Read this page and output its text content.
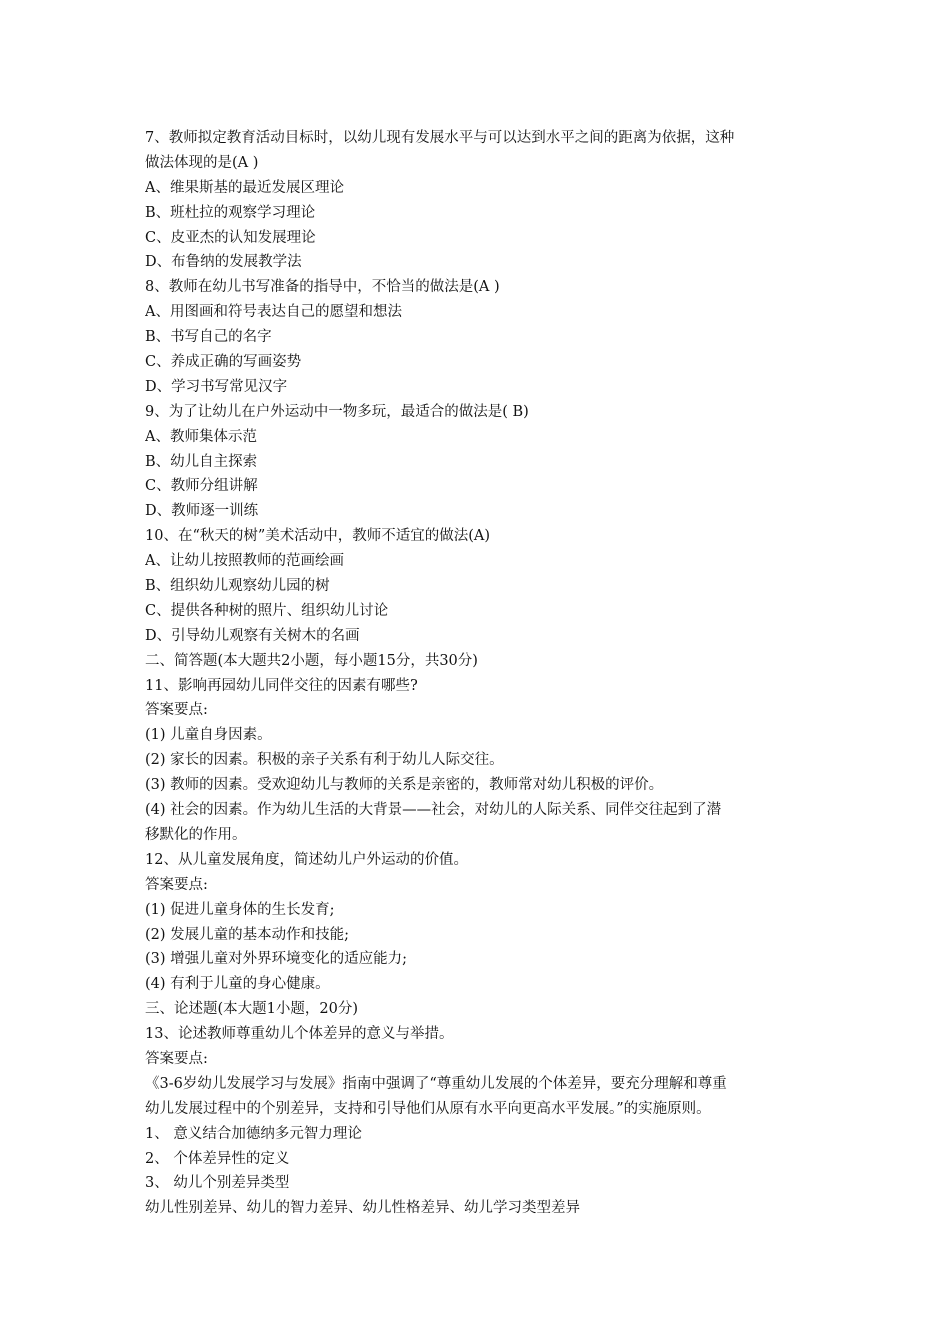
7、教师拟定教育活动目标时，以幼儿现有发展水平与可以达到水平之间的距离为依据，这种
做法体现的是(A )
A、维果斯基的最近发展区理论
B、班杜拉的观察学习理论
C、皮亚杰的认知发展理论
D、布鲁纳的发展教学法
8、教师在幼儿书写准备的指导中，不恰当的做法是(A )
A、用图画和符号表达自己的愿望和想法
B、书写自己的名字
C、养成正确的写画姿势
D、学习书写常见汉字
9、为了让幼儿在户外运动中一物多玩，最适合的做法是( B)
A、教师集体示范
B、幼儿自主探索
C、教师分组讲解
D、教师逐一训练
10、在“秋天的树”美术活动中，教师不适宜的做法(A)
A、让幼儿按照教师的范画绘画
B、组织幼儿观察幼儿园的树
C、提供各种树的照片、组织幼儿讨论
D、引导幼儿观察有关树木的名画
二、简答题(本大题共2小题，每小题15分，共30分)
11、影响再园幼儿同伴交往的因素有哪些?
答案要点:
(1) 儿童自身因素。
(2) 家长的因素。积极的亲子关系有利于幼儿人际交往。
(3) 教师的因素。受欢迎幼儿与教师的关系是亲密的，教师常对幼儿积极的评价。
(4) 社会的因素。作为幼儿生活的大背景——社会，对幼儿的人际关系、同伴交往起到了潜
移默化的作用。
12、从儿童发展角度，简述幼儿户外运动的价值。
答案要点:
(1) 促进儿童身体的生长发育;
(2) 发展儿童的基本动作和技能;
(3) 增强儿童对外界环境变化的适应能力;
(4) 有利于儿童的身心健康。
三、论述题(本大题1小题，20分)
13、论述教师尊重幼儿个体差异的意义与举措。
答案要点:
《3-6岁幼儿发展学习与发展》指南中强调了“尊重幼儿发展的个体差异，要充分理解和尊重
幼儿发展过程中的个别差异，支持和引导他们从原有水平向更高水平发展。”的实施原则。
1、 意义结合加德纳多元智力理论
2、 个体差异性的定义
3、 幼儿个别差异类型
幼儿性别差异、幼儿的智力差异、幼儿性格差异、幼儿学习类型差异
